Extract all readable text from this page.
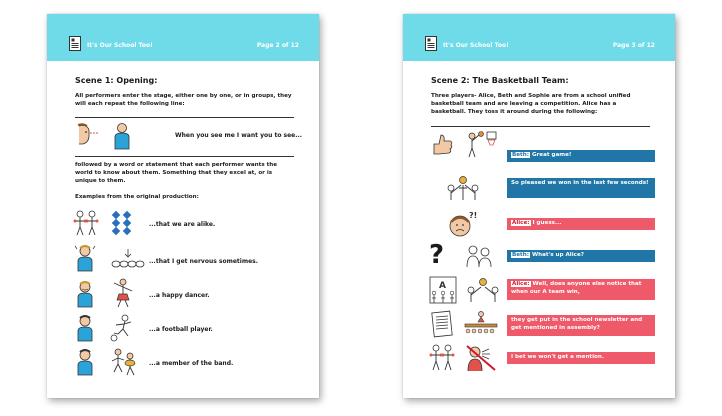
It's Our School Too!	Page 2 of 12
Scene 1: Opening:

All performers enter the stage, either one by one, or in groups, they will each repeat the following line:

When you see me I want you to see...

followed by a word or statement that each performer wants the world to know about them. Something that they excel at, or is unique to them.

Examples from the original production:

...that we are alike.
...that I get nervous sometimes.
...a happy dancer.
...a football player.
...a member of the band.
It's Our School Too!	Page 3 of 12
Scene 2: The Basketball Team:

Three players- Alice, Beth and Sophie are from a school unified basketball team and are leaving a competition. Alice has a basketball. They toss it around during the following:

Beth: Great game!
So pleased we won in the last few seconds!
?!
Alice: I guess...
?	Beth: What's up Alice?
A	Alice: Well, does anyone else notice that when our A team win,
they get put in the school newsletter and get mentioned in assembly?
I bet we won't get a mention.
